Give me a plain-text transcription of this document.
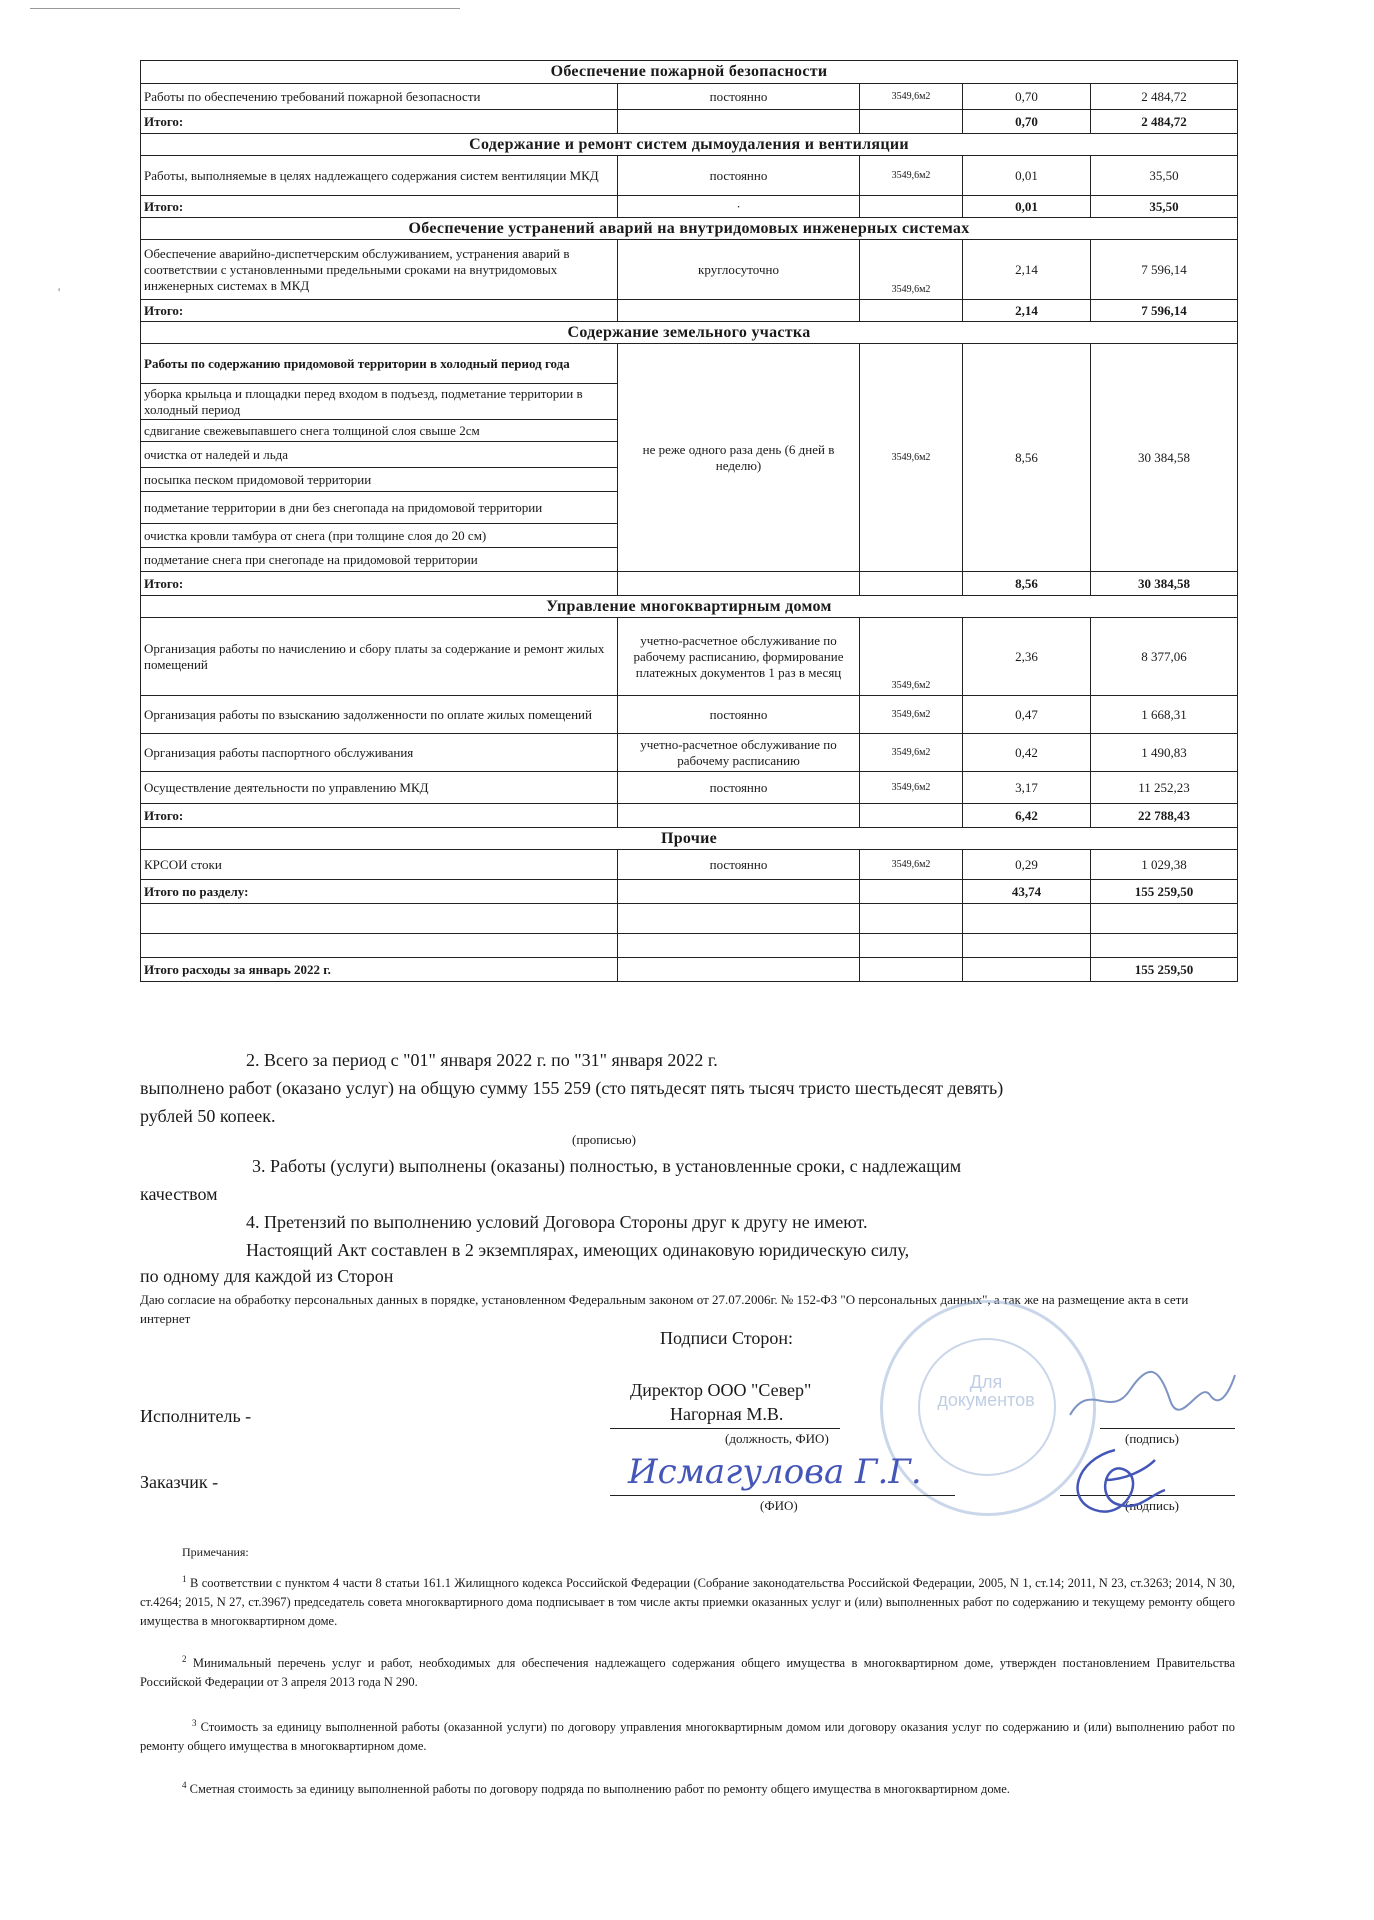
'
Обеспечение пожарной безопасности				
Работы по обеспечению требований пожарной безопасности	постоянно	3549,6м2	0,70	2 484,72
Итого:			0,70	2 484,72
Содержание и ремонт систем дымоудаления и вентиляции				
Работы, выполняемые в целях надлежащего содержания систем вентиляции МКД	постоянно	3549,6м2	0,01	35,50
Итого:	·		0,01	35,50
Обеспечение устранений аварий на внутридомовых инженерных системах				
Обеспечение аварийно-диспетчерским обслуживанием, устранения аварий в соответствии с установленными предельными сроками на внутридомовых инженерных системах в МКД	круглосуточно	3549,6м2	2,14	7 596,14
Итого:			2,14	7 596,14
Содержание земельного участка				
Работы по содержанию придомовой территории в холодный период года	не реже одного раза день (6 дней в неделю)	3549,6м2	8,56	30 384,58
уборка крыльца и площадки перед входом в подъезд, подметание территории в холодный период				
сдвигание свежевыпавшего снега толщиной слоя свыше 2см				
очистка от наледей и льда				
посыпка песком придомовой территории				
подметание территории в дни без снегопада на придомовой территории				
очистка кровли тамбура от снега (при толщине слоя до 20 см)				
подметание снега при снегопаде на придомовой территории				
Итого:			8,56	30 384,58
Управление многоквартирным домом				
Организация работы по начислению и сбору платы за содержание и ремонт жилых помещений	учетно-расчетное обслуживание по рабочему расписанию, формирование платежных документов 1 раз в месяц	3549,6м2	2,36	8 377,06
Организация работы по взысканию задолженности по оплате жилых помещений	постоянно	3549,6м2	0,47	1 668,31
Организация работы паспортного обслуживания	учетно-расчетное обслуживание по рабочему расписанию	3549,6м2	0,42	1 490,83
Осуществление деятельности по управлению МКД	постоянно	3549,6м2	3,17	11 252,23
Итого:			6,42	22 788,43
Прочие				
КРСОИ стоки	постоянно	3549,6м2	0,29	1 029,38
Итого по разделу:			43,74	155 259,50

Итого расходы за январь 2022 г.				155 259,50
2. Всего за период с "01" января 2022 г. по "31" января 2022 г.
выполнено работ (оказано услуг) на общую сумму 155 259 (сто пятьдесят пять тысяч тристо шестьдесят девять)
рублей 50 копеек.
(прописью)
3. Работы (услуги) выполнены (оказаны) полностью, в установленные сроки, с надлежащим
качеством
4. Претензий по выполнению условий Договора Стороны друг к другу не имеют.
Настоящий Акт составлен в 2 экземплярах, имеющих одинаковую юридическую силу,
по одному для каждой из Сторон
Даю согласие на обработку персональных данных в порядке, установленном Федеральным законом от 27.07.2006г. № 152-ФЗ "О персональных данных", а так же на размещение акта в сети интернет
Подписи Сторон:
Для документов
Директор ООО "Север"
Исполнитель -	Нагорная М.В.
(должность, ФИО)	(подпись)
Заказчик -	Исмагулова Г.Г.
(ФИО)	(подпись)
Примечания:
$^1$ В соответствии с пунктом 4 части 8 статьи 161.1 Жилищного кодекса Российской Федерации (Собрание законодательства Российской Федерации, 2005, N 1, ст.14; 2011, N 23, ст.3263; 2014, N 30, ст.4264; 2015, N 27, ст.3967) председатель совета многоквартирного дома подписывает в том числе акты приемки оказанных услуг и (или) выполненных работ по содержанию и текущему ремонту общего имущества в многоквартирном доме.
$^2$ Минимальный перечень услуг и работ, необходимых для обеспечения надлежащего содержания общего имущества в многоквартирном доме, утвержден постановлением Правительства Российской Федерации от 3 апреля 2013 года N 290.
$^3$ Стоимость за единицу выполненной работы (оказанной услуги) по договору управления многоквартирным домом или договору оказания услуг по содержанию и (или) выполнению работ по ремонту общего имущества в многоквартирном доме.
$^4$ Сметная стоимость за единицу выполненной работы по договору подряда по выполнению работ по ремонту общего имущества в многоквартирном доме.
